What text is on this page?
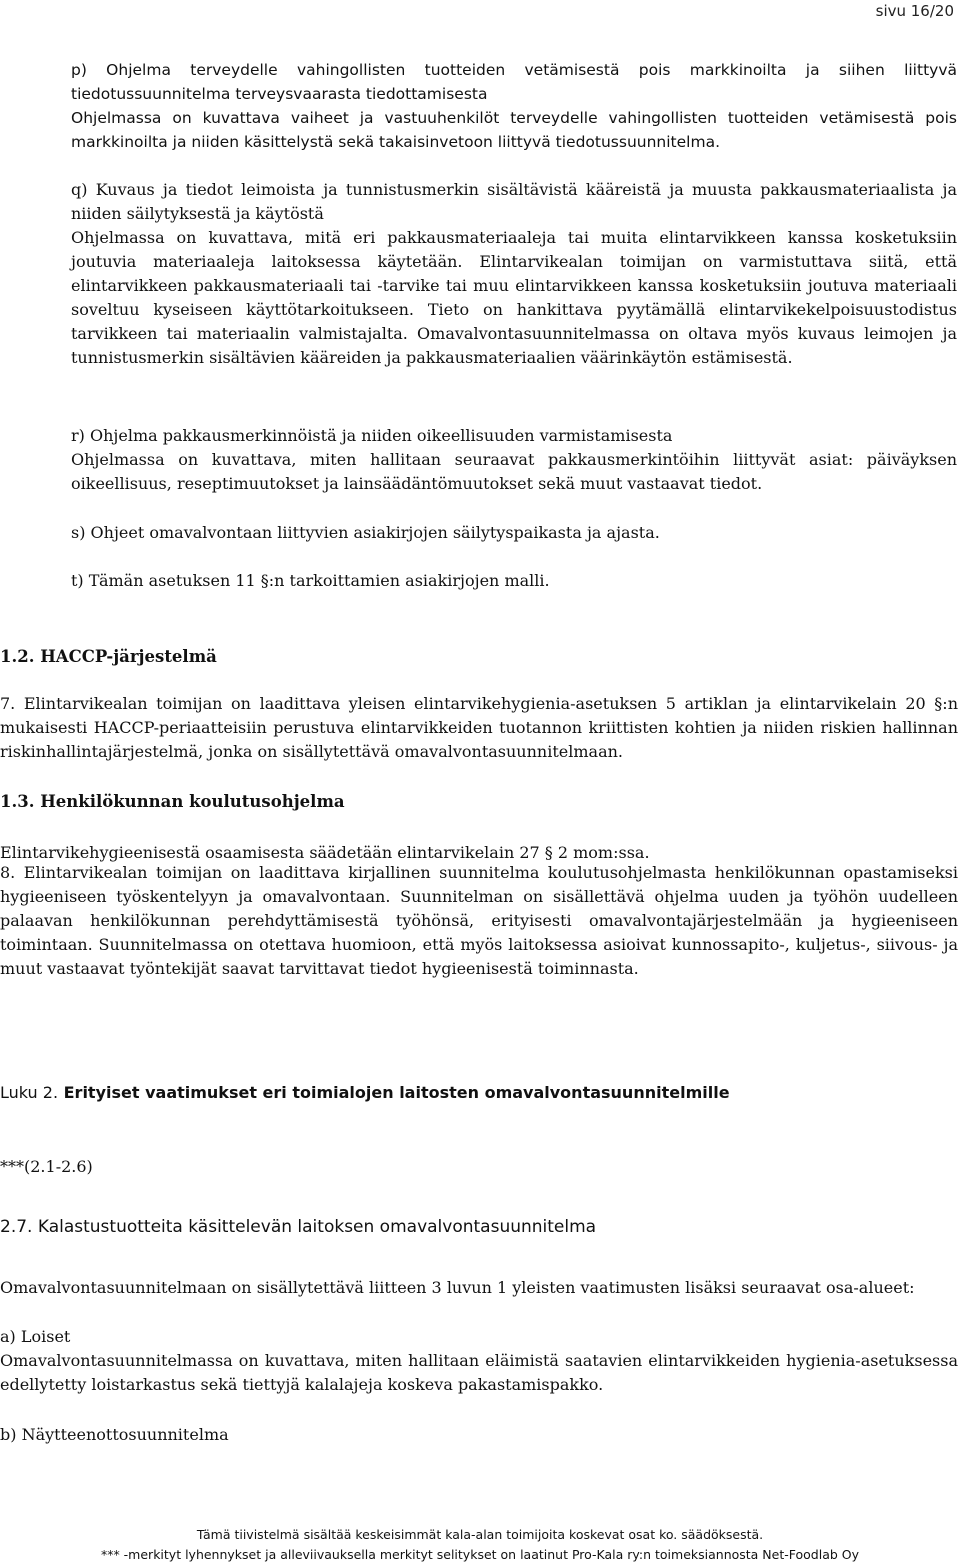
sivu 16/20

p) Ohjelma terveydelle vahingollisten tuotteiden vetämisestä pois markkinoilta ja siihen liittyvä tiedotussuunnitelma terveysvaarasta tiedottamisesta

Ohjelmassa on kuvattava vaiheet ja vastuuhenkilöt terveydelle vahingollisten tuotteiden vetämisestä pois markkinoilta ja niiden käsittelystä sekä takaisinvetoon liittyvä tiedotussuunnitelma.

q) Kuvaus ja tiedot leimoista ja tunnistusmerkin sisältävistä kääreistä ja muusta pakkausmateriaalista ja niiden säilytyksestä ja käytöstä

Ohjelmassa on kuvattava, mitä eri pakkausmateriaaleja tai muita elintarvikkeen kanssa kosketuksiin joutuvia materiaaleja laitoksessa käytetään. Elintarvikealan toimijan on varmistuttava siitä, että elintarvikkeen pakkausmateriaali tai -tarvike tai muu elintarvikkeen kanssa kosketuksiin joutuva materiaali soveltuu kyseiseen käyttötarkoitukseen. Tieto on hankittava pyytämällä elintarvikekelpoisuustodistus tarvikkeen tai materiaalin valmistajalta. Omavalvontasuunnitelmassa on oltava myös kuvaus leimojen ja tunnistusmerkin sisältävien kääreiden ja pakkausmateriaalien väärinkäytön estämisestä.

r) Ohjelma pakkausmerkinnöistä ja niiden oikeellisuuden varmistamisesta

Ohjelmassa on kuvattava, miten hallitaan seuraavat pakkausmerkintöihin liittyvät asiat: päiväyksen oikeellisuus, reseptimuutokset ja lainsäädäntömuutokset sekä muut vastaavat tiedot.

s) Ohjeet omavalvontaan liittyvien asiakirjojen säilytyspaikasta ja ajasta.

t) Tämän asetuksen 11 §:n tarkoittamien asiakirjojen malli.

1.2. HACCP-järjestelmä

7. Elintarvikealan toimijan on laadittava yleisen elintarvikehygienia-asetuksen 5 artiklan ja elintarvikelain 20 §:n mukaisesti HACCP-periaatteisiin perustuva elintarvikkeiden tuotannon kriittisten kohtien ja niiden riskien hallinnan riskinhallintajärjestelmä, jonka on sisällytettävä omavalvontasuunnitelmaan.

1.3. Henkilökunnan koulutusohjelma

Elintarvikehygieenisestä osaamisesta säädetään elintarvikelain 27 § 2 mom:ssa.

8. Elintarvikealan toimijan on laadittava kirjallinen suunnitelma koulutusohjelmasta henkilökunnan opastamiseksi hygieeniseen työskentelyyn ja omavalvontaan. Suunnitelman on sisällettävä ohjelma uuden ja työhön uudelleen palaavan henkilökunnan perehdyttämisestä työhönsä, erityisesti omavalvontajärjestelmään ja hygieeniseen toimintaan. Suunnitelmassa on otettava huomioon, että myös laitoksessa asioivat kunnossapito-, kuljetus-, siivous- ja muut vastaavat työntekijät saavat tarvittavat tiedot hygieenisestä toiminnasta.

Luku 2. Erityiset vaatimukset eri toimialojen laitosten omavalvontasuunnitelmille

***(2.1-2.6)

2.7. Kalastustuotteita käsittelevän laitoksen omavalvontasuunnitelma

Omavalvontasuunnitelmaan on sisällytettävä liitteen 3 luvun 1 yleisten vaatimusten lisäksi seuraavat osa-alueet:

a) Loiset

Omavalvontasuunnitelmassa on kuvattava, miten hallitaan eläimistä saatavien elintarvikkeiden hygienia-asetuksessa edellytetty loistarkastus sekä tiettyjä kalalajeja koskeva pakastamispakko.

b) Näytteenottosuunnitelma

Tämä tiivistelmä sisältää keskeisimmät kala-alan toimijoita koskevat osat ko. säädöksestä.
*** -merkityt lyhennykset ja alleviivauksella merkityt selitykset on laatinut Pro-Kala ry:n toimeksiannosta Net-Foodlab Oy
